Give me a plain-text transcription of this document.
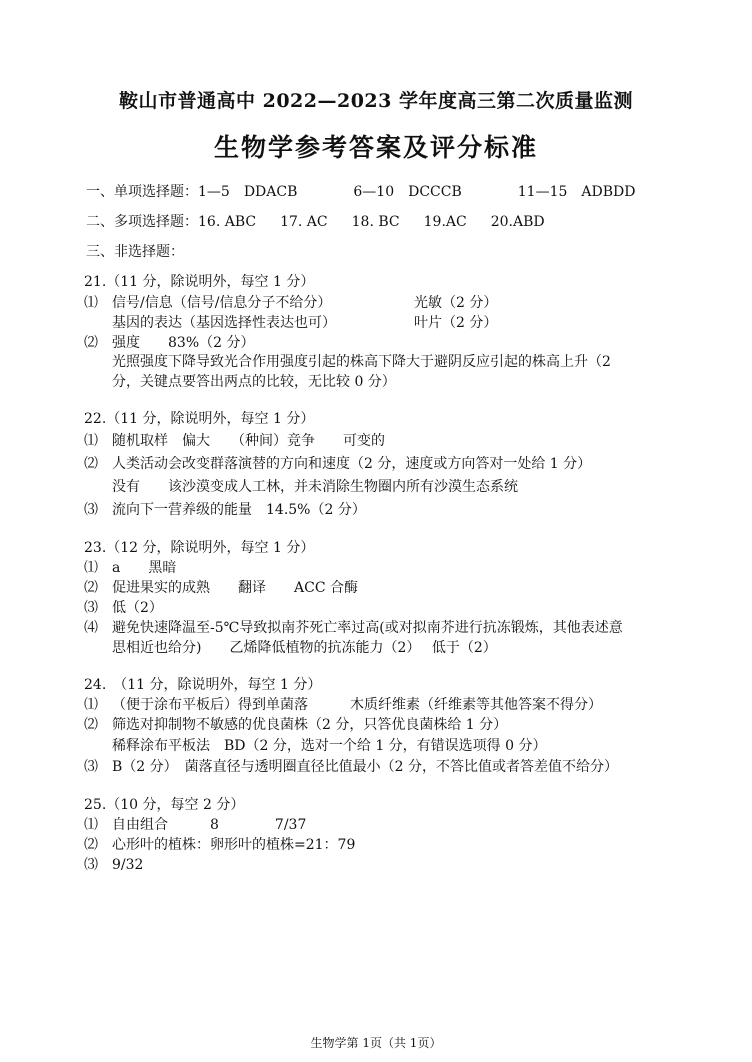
鞍山市普通高中 2022—2023 学年度高三第二次质量监测
生物学参考答案及评分标准
一、单项选择题：1—5　DDACB	6—10　DCCCB	11—15　ADBDD
二、多项选择题：16. ABC 17. AC 18. BC 19.AC 20.ABD
三、非选择题：
21.（11 分，除说明外，每空 1 分）
⑴ 信号/信息（信号/信息分子不给分）	光敏（2 分）
基因的表达（基因选择性表达也可）	叶片（2 分）
⑵ 强度　　83%（2 分）
光照强度下降导致光合作用强度引起的株高下降大于避阴反应引起的株高上升（2
分，关键点要答出两点的比较，无比较 0 分）
22.（11 分，除说明外，每空 1 分）
⑴ 随机取样　偏大　　（种间）竞争　　可变的
⑵ 人类活动会改变群落演替的方向和速度（2 分，速度或方向答对一处给 1 分）
没有　　该沙漠变成人工林，并未消除生物圈内所有沙漠生态系统
⑶ 流向下一营养级的能量　14.5%（2 分）
23.（12 分，除说明外，每空 1 分）
⑴ a　　黑暗
⑵ 促进果实的成熟　　翻译　　ACC 合酶
⑶ 低（2）
⑷ 避免快速降温至-5℃导致拟南芥死亡率过高(或对拟南芥进行抗冻锻炼，其他表述意
思相近也给分)　　乙烯降低植物的抗冻能力（2）　 低于（2）
24.　（11 分，除说明外，每空 1 分）
⑴ （便于涂布平板后）得到单菌落　　　木质纤维素（纤维素等其他答案不得分）
⑵ 筛选对抑制物不敏感的优良菌株（2 分，只答优良菌株给 1 分）
稀释涂布平板法　BD（2 分，选对一个给 1 分，有错误选项得 0 分）
⑶ B（2 分）　菌落直径与透明圈直径比值最小（2 分，不答比值或者答差值不给分）
25.（10 分，每空 2 分）
⑴ 自由组合　　　8　　　　7/37
⑵ 心形叶的植株：卵形叶的植株=21：79
⑶ 9/32
生物学第 1页（共 1页）
